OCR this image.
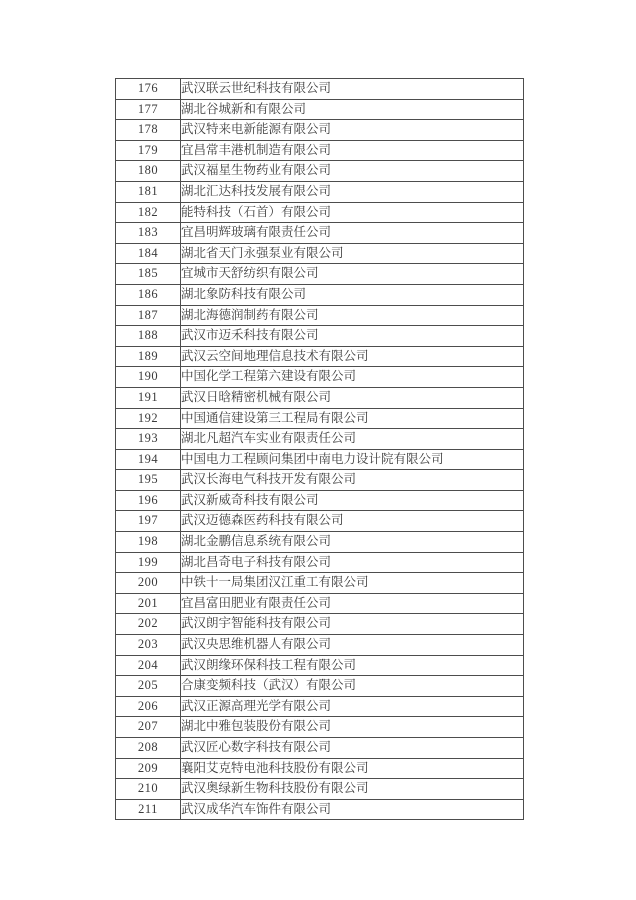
176	武汉联云世纪科技有限公司
177	湖北谷城新和有限公司
178	武汉特来电新能源有限公司
179	宜昌常丰港机制造有限公司
180	武汉福星生物药业有限公司
181	湖北汇达科技发展有限公司
182	能特科技（石首）有限公司
183	宜昌明辉玻璃有限责任公司
184	湖北省天门永强泵业有限公司
185	宜城市天舒纺织有限公司
186	湖北象防科技有限公司
187	湖北海德润制药有限公司
188	武汉市迈禾科技有限公司
189	武汉云空间地理信息技术有限公司
190	中国化学工程第六建设有限公司
191	武汉日晗精密机械有限公司
192	中国通信建设第三工程局有限公司
193	湖北凡超汽车实业有限责任公司
194	中国电力工程顾问集团中南电力设计院有限公司
195	武汉长海电气科技开发有限公司
196	武汉新威奇科技有限公司
197	武汉迈德森医药科技有限公司
198	湖北金鹏信息系统有限公司
199	湖北昌奇电子科技有限公司
200	中铁十一局集团汉江重工有限公司
201	宜昌富田肥业有限责任公司
202	武汉朗宇智能科技有限公司
203	武汉央思维机器人有限公司
204	武汉朗缘环保科技工程有限公司
205	合康变频科技（武汉）有限公司
206	武汉正源高理光学有限公司
207	湖北中雅包装股份有限公司
208	武汉匠心数字科技有限公司
209	襄阳艾克特电池科技股份有限公司
210	武汉奥绿新生物科技股份有限公司
211	武汉成华汽车饰件有限公司
